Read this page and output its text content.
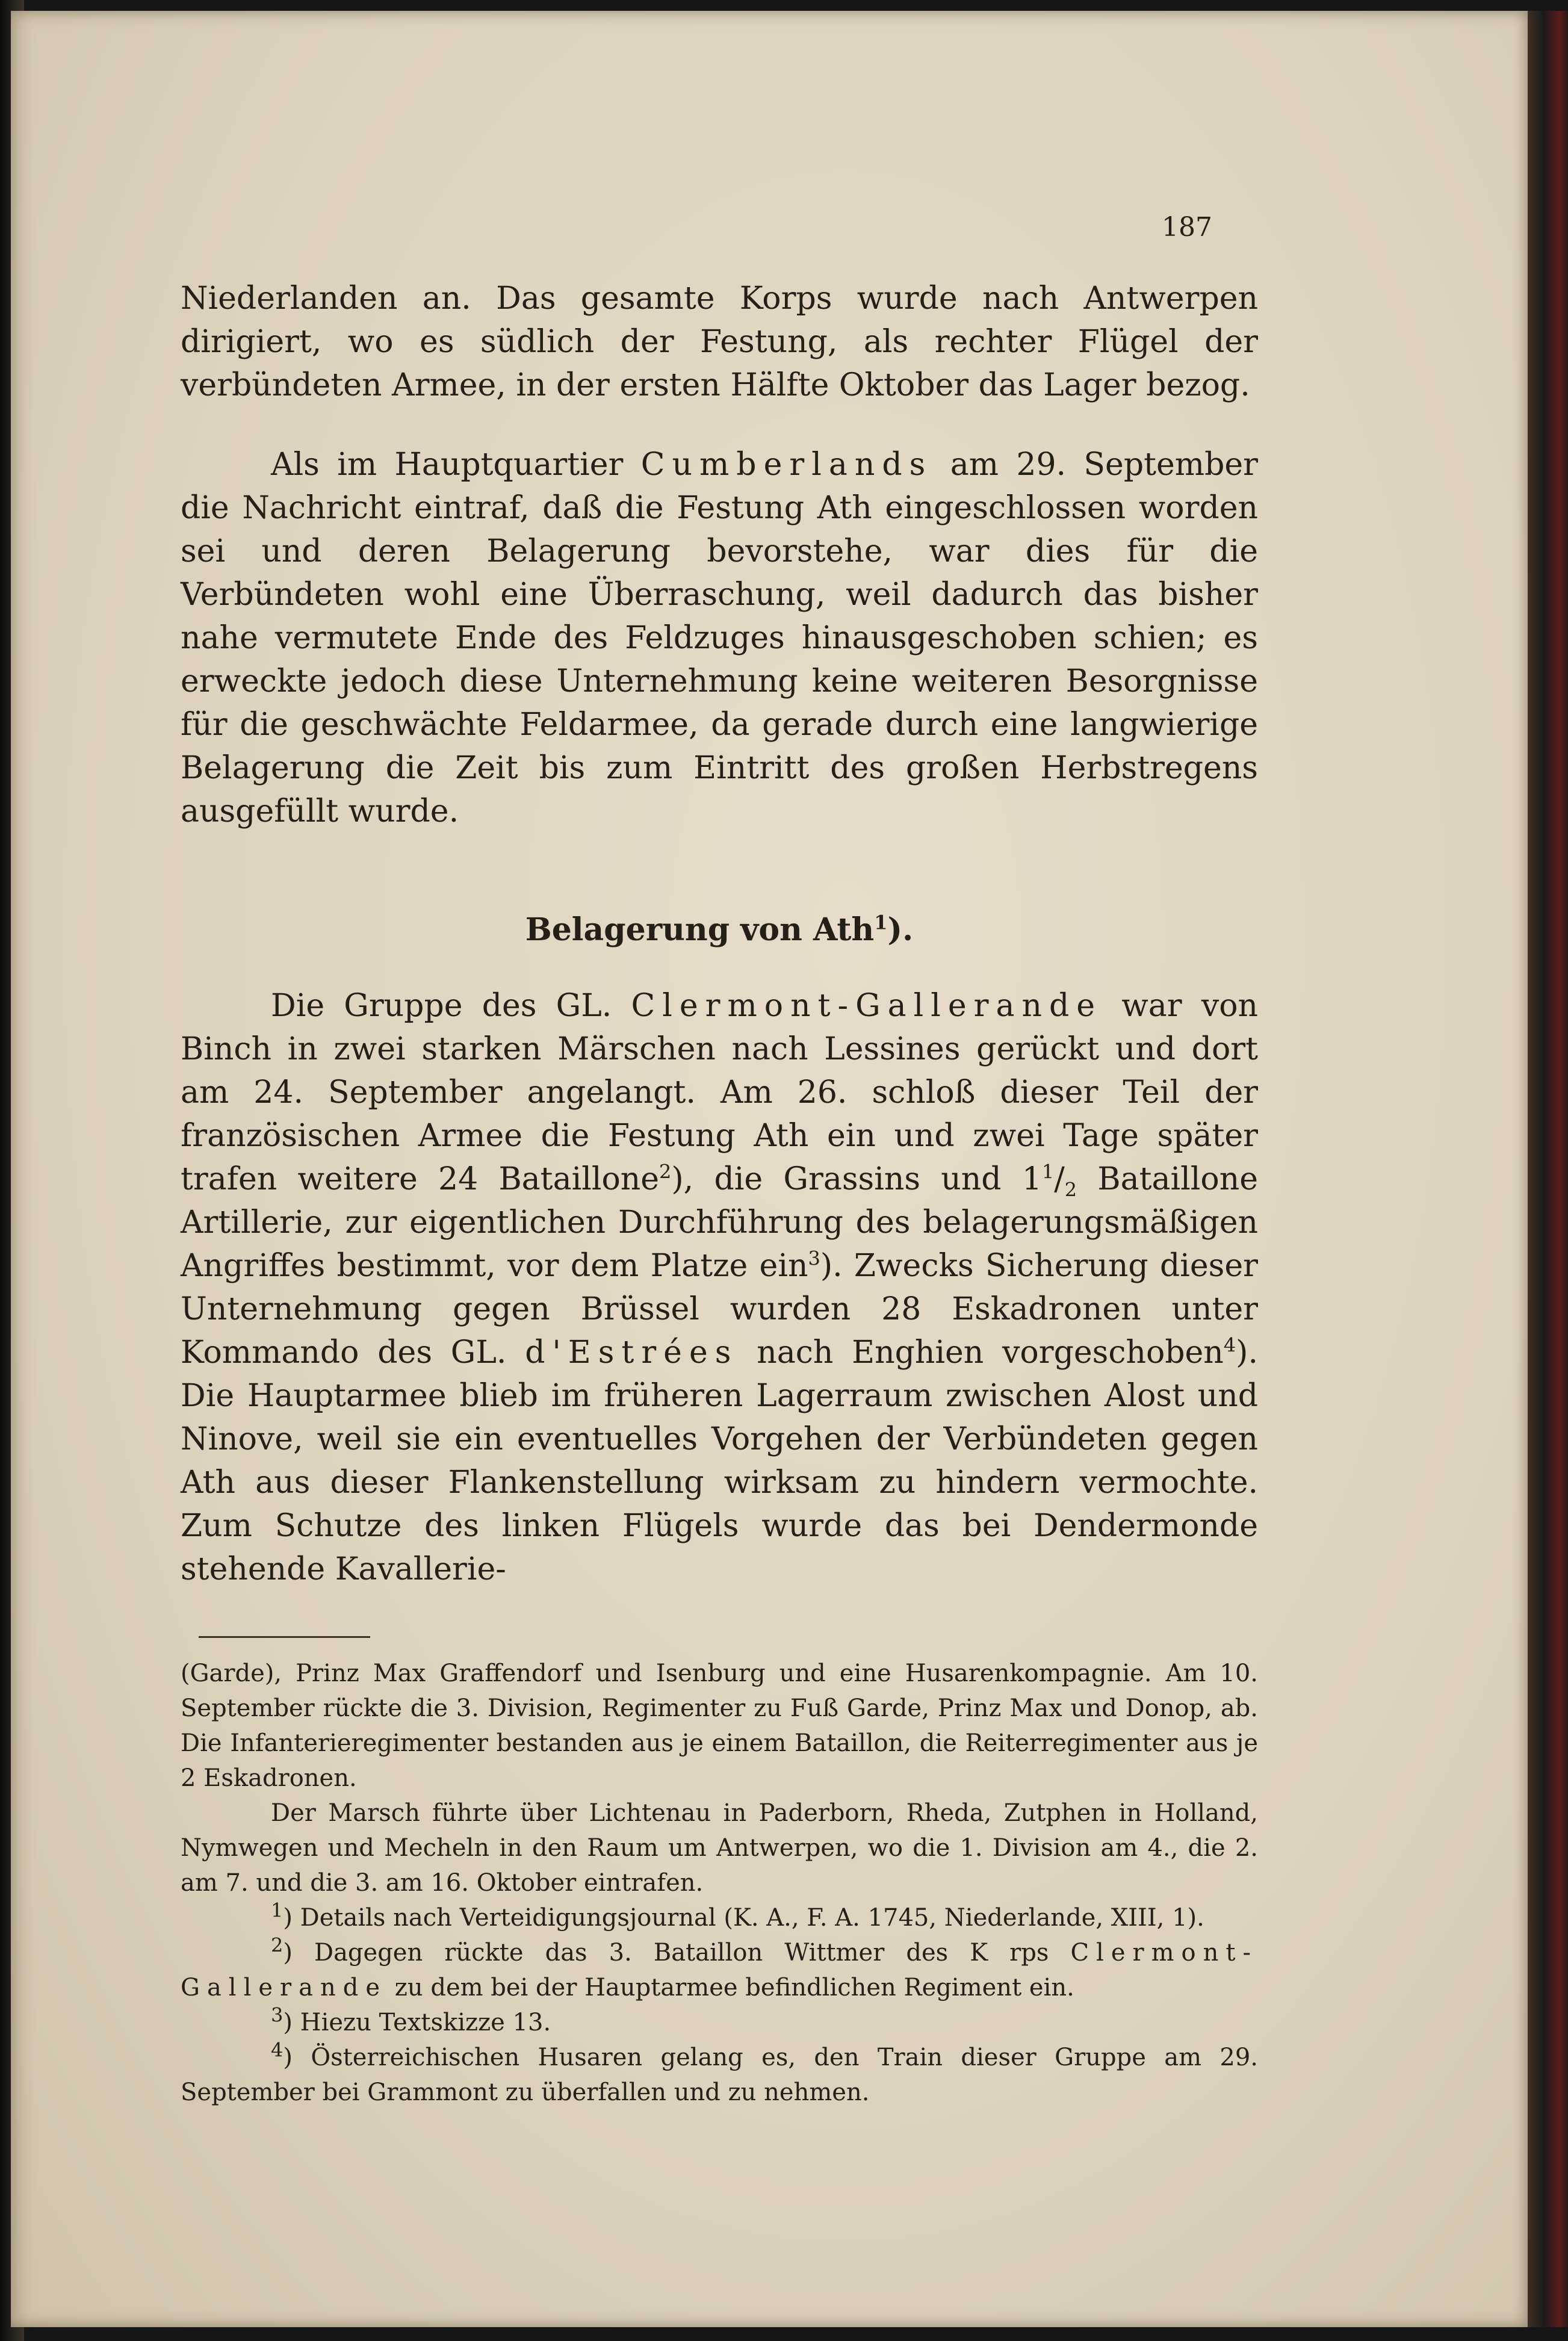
187

Niederlanden an. Das gesamte Korps wurde nach Antwerpen dirigiert, wo es südlich der Festung, als rechter Flügel der verbündeten Armee, in der ersten Hälfte Oktober das Lager bezog.

Als im Hauptquartier Cumberlands am 29. September die Nachricht eintraf, daß die Festung Ath eingeschlossen worden sei und deren Belagerung bevorstehe, war dies für die Verbündeten wohl eine Überraschung, weil dadurch das bisher nahe vermutete Ende des Feldzuges hinausgeschoben schien; es erweckte jedoch diese Unternehmung keine weiteren Besorgnisse für die geschwächte Feldarmee, da gerade durch eine langwierige Belagerung die Zeit bis zum Eintritt des großen Herbstregens ausgefüllt wurde.

Belagerung von Ath$^1$).

Die Gruppe des GL. Clermont-Gallerande war von Binch in zwei starken Märschen nach Lessines gerückt und dort am 24. September angelangt. Am 26. schloß dieser Teil der französischen Armee die Festung Ath ein und zwei Tage später trafen weitere 24 Bataillone$^2$), die Grassins und $1^1/_2$ Bataillone Artillerie, zur eigentlichen Durchführung des belagerungsmäßigen Angriffes bestimmt, vor dem Platze ein$^3$). Zwecks Sicherung dieser Unternehmung gegen Brüssel wurden 28 Eskadronen unter Kommando des GL. d'Estrées nach Enghien vorgeschoben$^4$). Die Hauptarmee blieb im früheren Lagerraum zwischen Alost und Ninove, weil sie ein eventuelles Vorgehen der Verbündeten gegen Ath aus dieser Flankenstellung wirksam zu hindern vermochte. Zum Schutze des linken Flügels wurde das bei Dendermonde stehende Kavallerie-

(Garde), Prinz Max Graffendorf und Isenburg und eine Husarenkompagnie. Am 10. September rückte die 3. Division, Regimenter zu Fuß Garde, Prinz Max und Donop, ab. Die Infanterieregimenter bestanden aus je einem Bataillon, die Reiterregimenter aus je 2 Eskadronen.

Der Marsch führte über Lichtenau in Paderborn, Rheda, Zutphen in Holland, Nymwegen und Mecheln in den Raum um Antwerpen, wo die 1. Division am 4., die 2. am 7. und die 3. am 16. Oktober eintrafen.

$^1$) Details nach Verteidigungsjournal (K. A., F. A. 1745, Niederlande, XIII, 1).

$^2$) Dagegen rückte das 3. Bataillon Wittmer des K rps Clermont-Gallerande zu dem bei der Hauptarmee befindlichen Regiment ein.

$^3$) Hiezu Textskizze 13.

$^4$) Österreichischen Husaren gelang es, den Train dieser Gruppe am 29. September bei Grammont zu überfallen und zu nehmen.
